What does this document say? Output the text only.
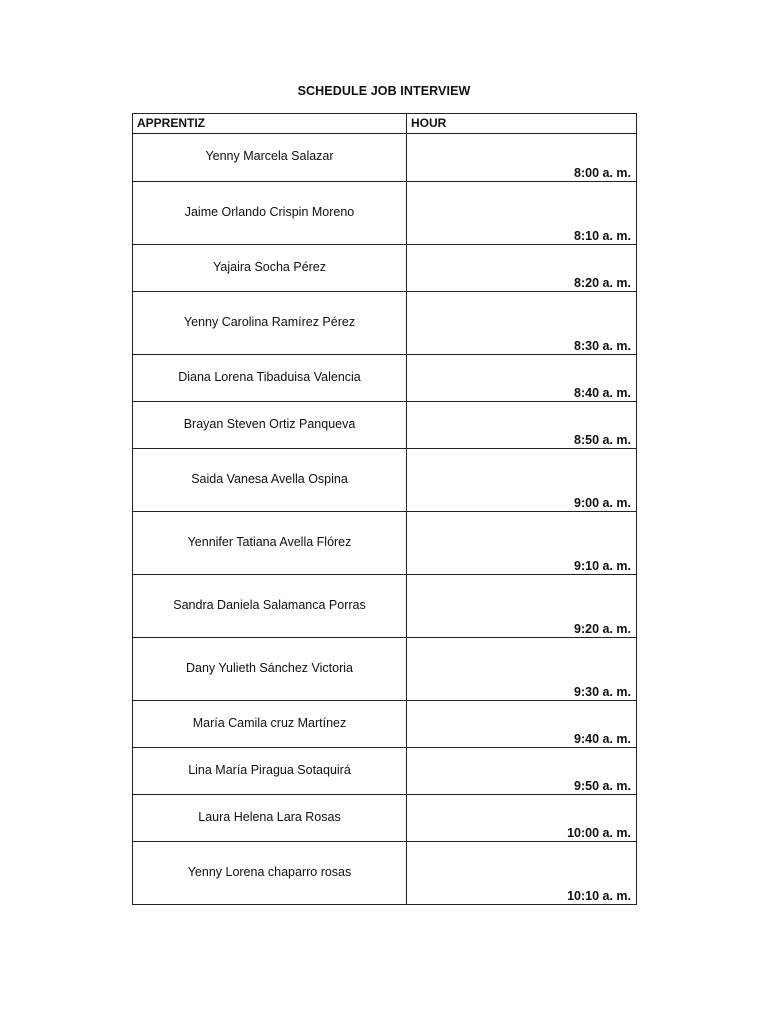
SCHEDULE JOB INTERVIEW
APPRENTIZ	HOUR

Yenny Marcela Salazar	8:00 a. m.

Jaime Orlando Crispin Moreno	8:10 a. m.

Yajaira Socha Pérez	8:20 a. m.

Yenny Carolina Ramírez Pérez	8:30 a. m.

Diana Lorena Tibaduisa Valencia	8:40 a. m.

Brayan Steven Ortiz Panqueva	8:50 a. m.

Saida Vanesa Avella Ospina	9:00 a. m.

Yennifer Tatiana Avella Flórez	9:10 a. m.

Sandra Daniela Salamanca Porras	9:20 a. m.

Dany Yulieth Sánchez Victoria	9:30 a. m.

María Camila cruz Martínez	9:40 a. m.

Lina María Piragua Sotaquirá	9:50 a. m.

Laura Helena Lara Rosas	10:00 a. m.

Yenny Lorena chaparro rosas	10:10 a. m.
